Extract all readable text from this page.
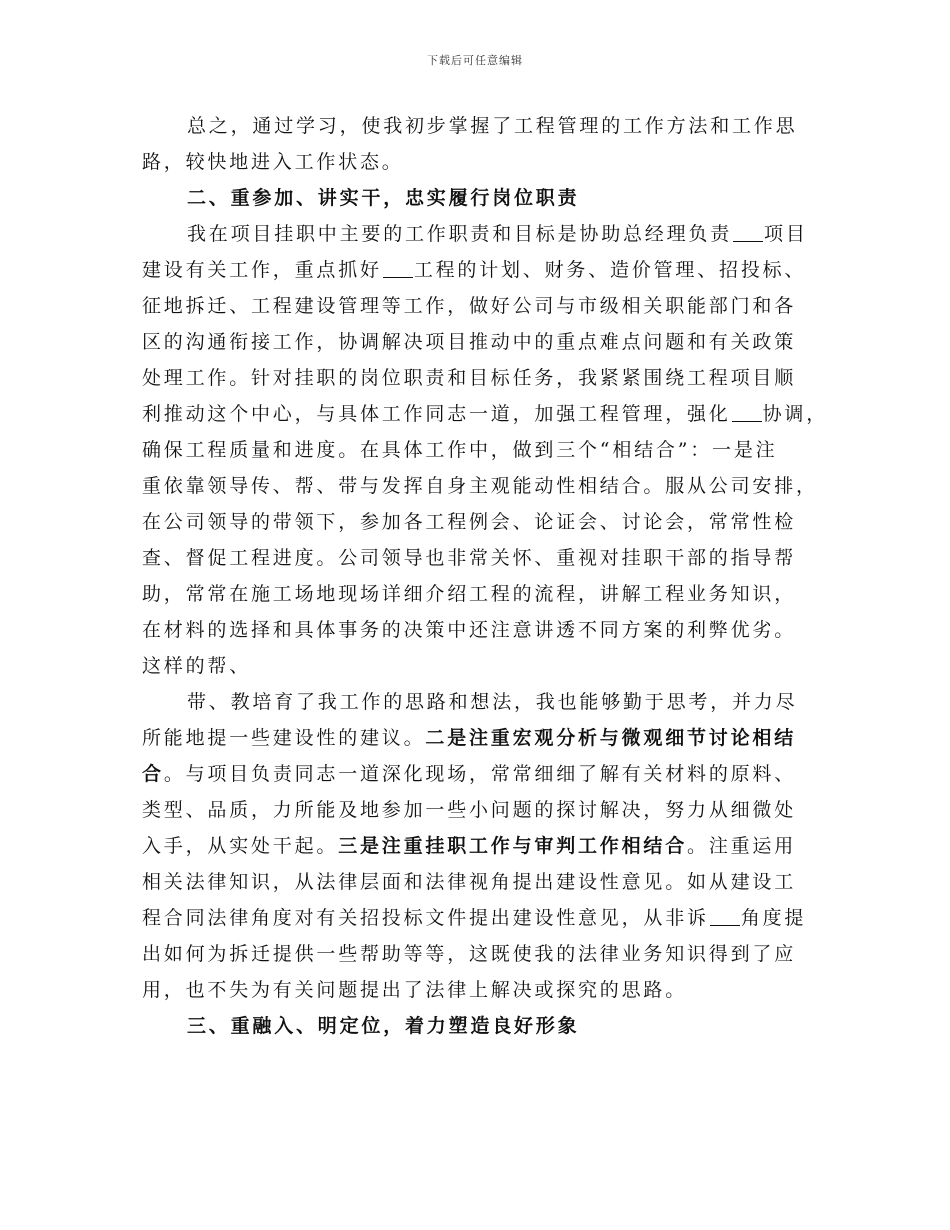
下载后可任意编辑
总之，通过学习，使我初步掌握了工程管理的工作方法和工作思
路，较快地进入工作状态。
二、重参加、讲实干，忠实履行岗位职责
我在项目挂职中主要的工作职责和目标是协助总经理负责 项目
建设有关工作，重点抓好 工程的计划、财务、造价管理、招投标、
征地拆迁、工程建设管理等工作，做好公司与市级相关职能部门和各
区的沟通衔接工作，协调解决项目推动中的重点难点问题和有关政策
处理工作。针对挂职的岗位职责和目标任务，我紧紧围绕工程项目顺
利推动这个中心，与具体工作同志一道，加强工程管理，强化 协调，
确保工程质量和进度。在具体工作中，做到三个“相结合”：一是注
重依靠领导传、帮、带与发挥自身主观能动性相结合。服从公司安排，
在公司领导的带领下，参加各工程例会、论证会、讨论会，常常性检
查、督促工程进度。公司领导也非常关怀、重视对挂职干部的指导帮
助，常常在施工场地现场详细介绍工程的流程，讲解工程业务知识，
在材料的选择和具体事务的决策中还注意讲透不同方案的利弊优劣。
这样的帮、
带、教培育了我工作的思路和想法，我也能够勤于思考，并力尽
所能地提一些建设性的建议。二是注重宏观分析与微观细节讨论相结
合。与项目负责同志一道深化现场，常常细细了解有关材料的原料、
类型、品质，力所能及地参加一些小问题的探讨解决，努力从细微处
入手，从实处干起。三是注重挂职工作与审判工作相结合。注重运用
相关法律知识，从法律层面和法律视角提出建设性意见。如从建设工
程合同法律角度对有关招投标文件提出建设性意见，从非诉 角度提
出如何为拆迁提供一些帮助等等，这既使我的法律业务知识得到了应
用，也不失为有关问题提出了法律上解决或探究的思路。
三、重融入、明定位，着力塑造良好形象
